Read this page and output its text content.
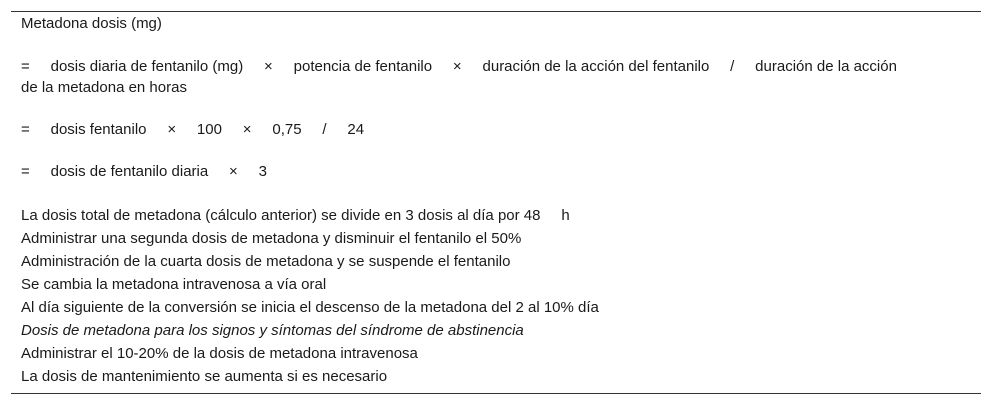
Metadona dosis (mg)
=     dosis diaria de fentanilo (mg)     ×     potencia de fentanilo     ×     duración de la acción del fentanilo     /     duración de la acción
de la metadona en horas
=     dosis fentanilo     ×     100     ×     0,75     /     24
=     dosis de fentanilo diaria     ×     3
La dosis total de metadona (cálculo anterior) se divide en 3 dosis al día por 48     h
Administrar una segunda dosis de metadona y disminuir el fentanilo el 50%
Administración de la cuarta dosis de metadona y se suspende el fentanilo
Se cambia la metadona intravenosa a vía oral
Al día siguiente de la conversión se inicia el descenso de la metadona del 2 al 10% día
Dosis de metadona para los signos y síntomas del síndrome de abstinencia
Administrar el 10-20% de la dosis de metadona intravenosa
La dosis de mantenimiento se aumenta si es necesario
